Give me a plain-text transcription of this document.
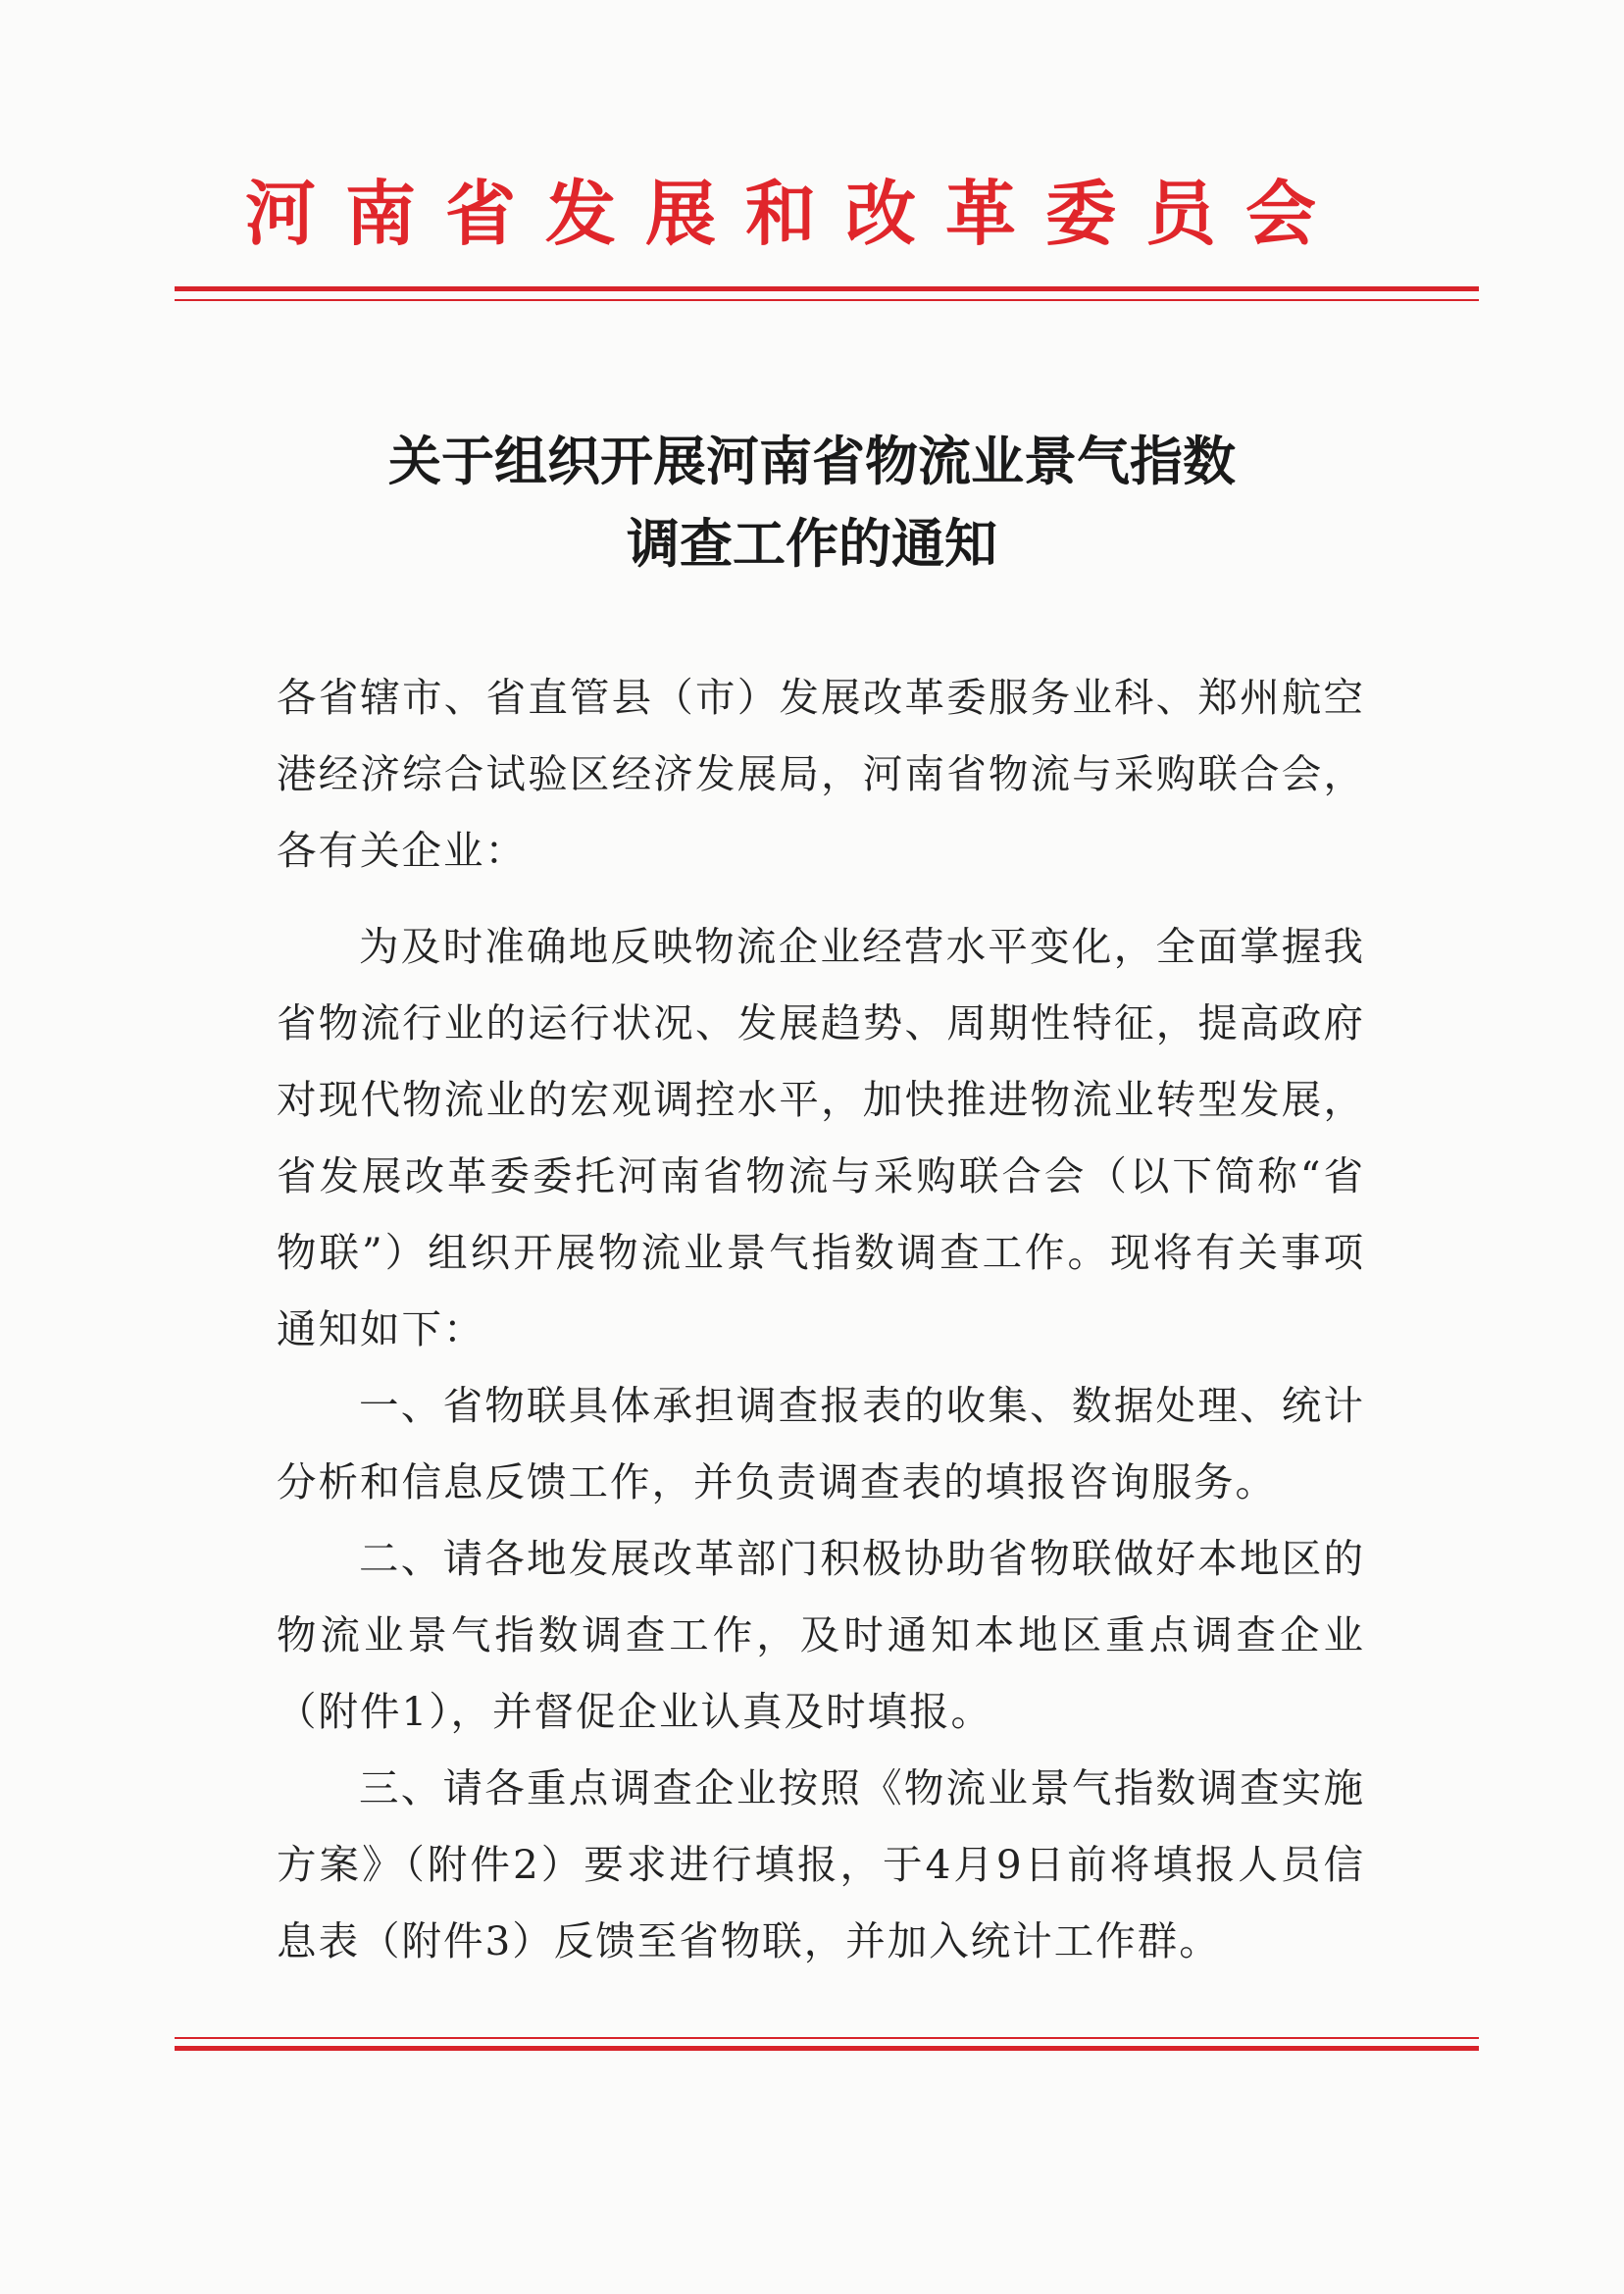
河南省发展和改革委员会
关于组织开展河南省物流业景气指数
调查工作的通知

各省辖市、省直管县（市）发展改革委服务业科、郑州航空港经济综合试验区经济发展局，河南省物流与采购联合会，各有关企业：

为及时准确地反映物流企业经营水平变化，全面掌握我省物流行业的运行状况、发展趋势、周期性特征，提高政府对现代物流业的宏观调控水平，加快推进物流业转型发展，省发展改革委委托河南省物流与采购联合会（以下简称“省物联”）组织开展物流业景气指数调查工作。现将有关事项通知如下：

一、省物联具体承担调查报表的收集、数据处理、统计分析和信息反馈工作，并负责调查表的填报咨询服务。

二、请各地发展改革部门积极协助省物联做好本地区的物流业景气指数调查工作，及时通知本地区重点调查企业（附件1），并督促企业认真及时填报。

三、请各重点调查企业按照《物流业景气指数调查实施方案》（附件2）要求进行填报，于4月9日前将填报人员信息表（附件3）反馈至省物联，并加入统计工作群。
